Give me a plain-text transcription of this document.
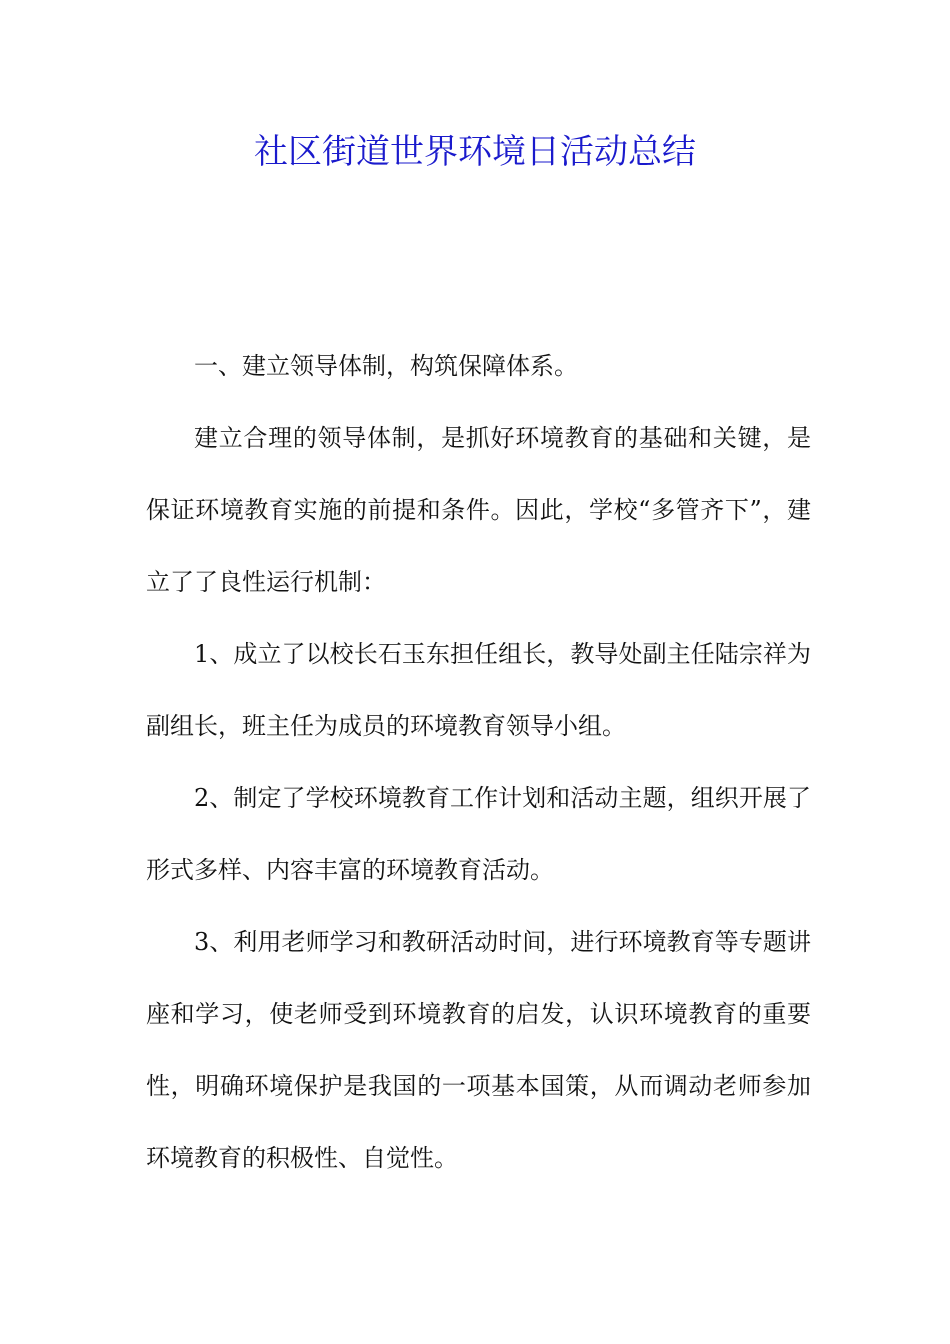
社区街道世界环境日活动总结

一、建立领导体制，构筑保障体系。

建立合理的领导体制，是抓好环境教育的基础和关键，是保证环境教育实施的前提和条件。因此，学校“多管齐下”，建立了了良性运行机制：

1、成立了以校长石玉东担任组长，教导处副主任陆宗祥为副组长，班主任为成员的环境教育领导小组。

2、制定了学校环境教育工作计划和活动主题，组织开展了形式多样、内容丰富的环境教育活动。

3、利用老师学习和教研活动时间，进行环境教育等专题讲座和学习，使老师受到环境教育的启发，认识环境教育的重要性，明确环境保护是我国的一项基本国策，从而调动老师参加环境教育的积极性、自觉性。
